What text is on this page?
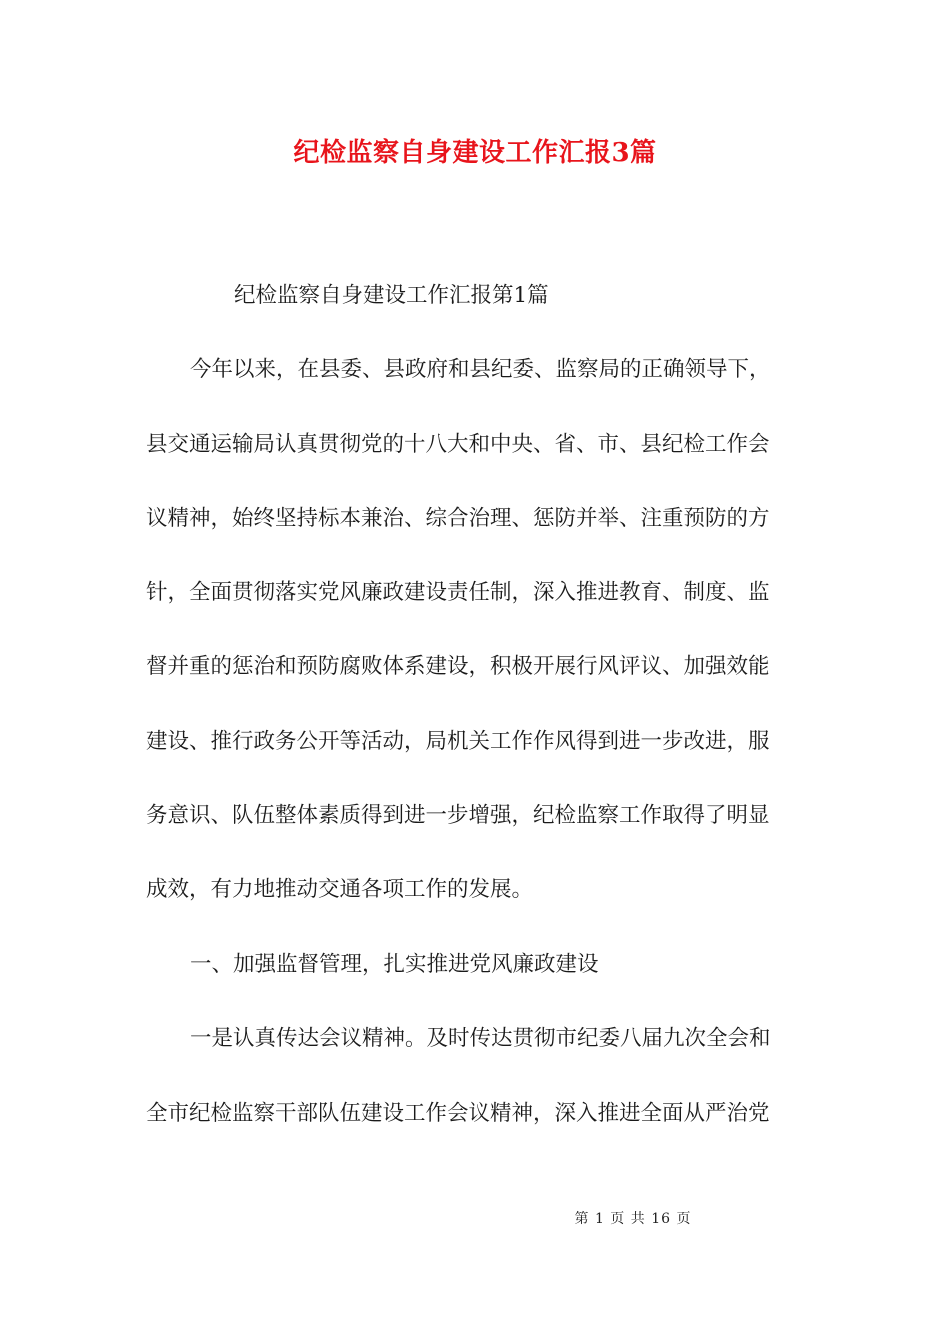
纪检监察自身建设工作汇报3篇
纪检监察自身建设工作汇报第1篇
今年以来，在县委、县政府和县纪委、监察局的正确领导下，
县交通运输局认真贯彻党的十八大和中央、省、市、县纪检工作会
议精神，始终坚持标本兼治、综合治理、惩防并举、注重预防的方
针，全面贯彻落实党风廉政建设责任制，深入推进教育、制度、监
督并重的惩治和预防腐败体系建设，积极开展行风评议、加强效能
建设、推行政务公开等活动，局机关工作作风得到进一步改进，服
务意识、队伍整体素质得到进一步增强，纪检监察工作取得了明显
成效，有力地推动交通各项工作的发展。
一、加强监督管理，扎实推进党风廉政建设
一是认真传达会议精神。及时传达贯彻市纪委八届九次全会和
全市纪检监察干部队伍建设工作会议精神，深入推进全面从严治党
第 1 页 共 16 页
